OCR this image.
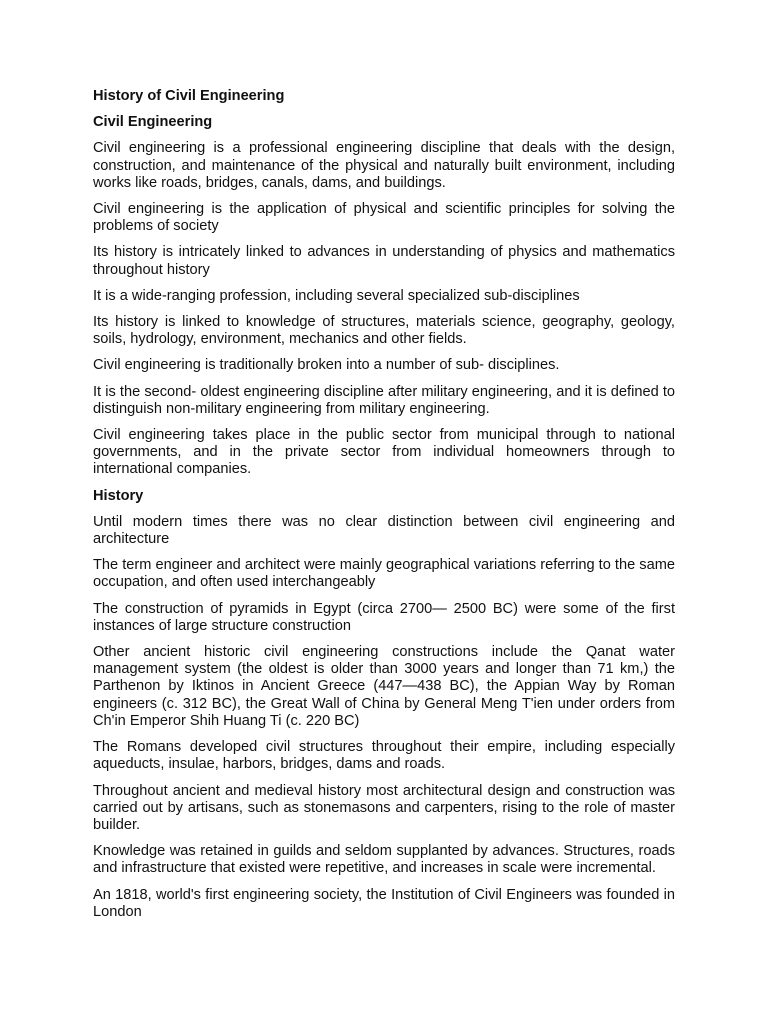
History of Civil Engineering

Civil Engineering

Civil engineering is a professional engineering discipline that deals with the design, construction, and maintenance of the physical and naturally built environment, including works like roads, bridges, canals, dams, and buildings.

Civil engineering is the application of physical and scientific principles for solving the problems of society

Its history is intricately linked to advances in understanding of physics and mathematics throughout history

It is a wide-ranging profession, including several specialized sub-disciplines

Its history is linked to knowledge of structures, materials science, geography, geology, soils, hydrology, environment, mechanics and other fields.

Civil engineering is traditionally broken into a number of sub- disciplines.

It is the second- oldest engineering discipline after military engineering, and it is defined to distinguish non-military engineering from military engineering.

Civil engineering takes place in the public sector from municipal through to national governments, and in the private sector from individual homeowners through to international companies.

History

Until modern times there was no clear distinction between civil engineering and architecture

The term engineer and architect were mainly geographical variations referring to the same occupation, and often used interchangeably

The construction of pyramids in Egypt (circa 2700— 2500 BC) were some of the first instances of large structure construction

Other ancient historic civil engineering constructions include the Qanat water management system (the oldest is older than 3000 years and longer than 71 km,) the Parthenon by Iktinos in Ancient Greece (447—438 BC), the Appian Way by Roman engineers (c. 312 BC), the Great Wall of China by General Meng T'ien under orders from Ch'in Emperor Shih Huang Ti (c. 220 BC)

The Romans developed civil structures throughout their empire, including especially aqueducts, insulae, harbors, bridges, dams and roads.

Throughout ancient and medieval history most architectural design and construction was carried out by artisans, such as stonemasons and carpenters, rising to the role of master builder.

Knowledge was retained in guilds and seldom supplanted by advances. Structures, roads and infrastructure that existed were repetitive, and increases in scale were incremental.

An 1818, world's first engineering society, the Institution of Civil Engineers was founded in London
